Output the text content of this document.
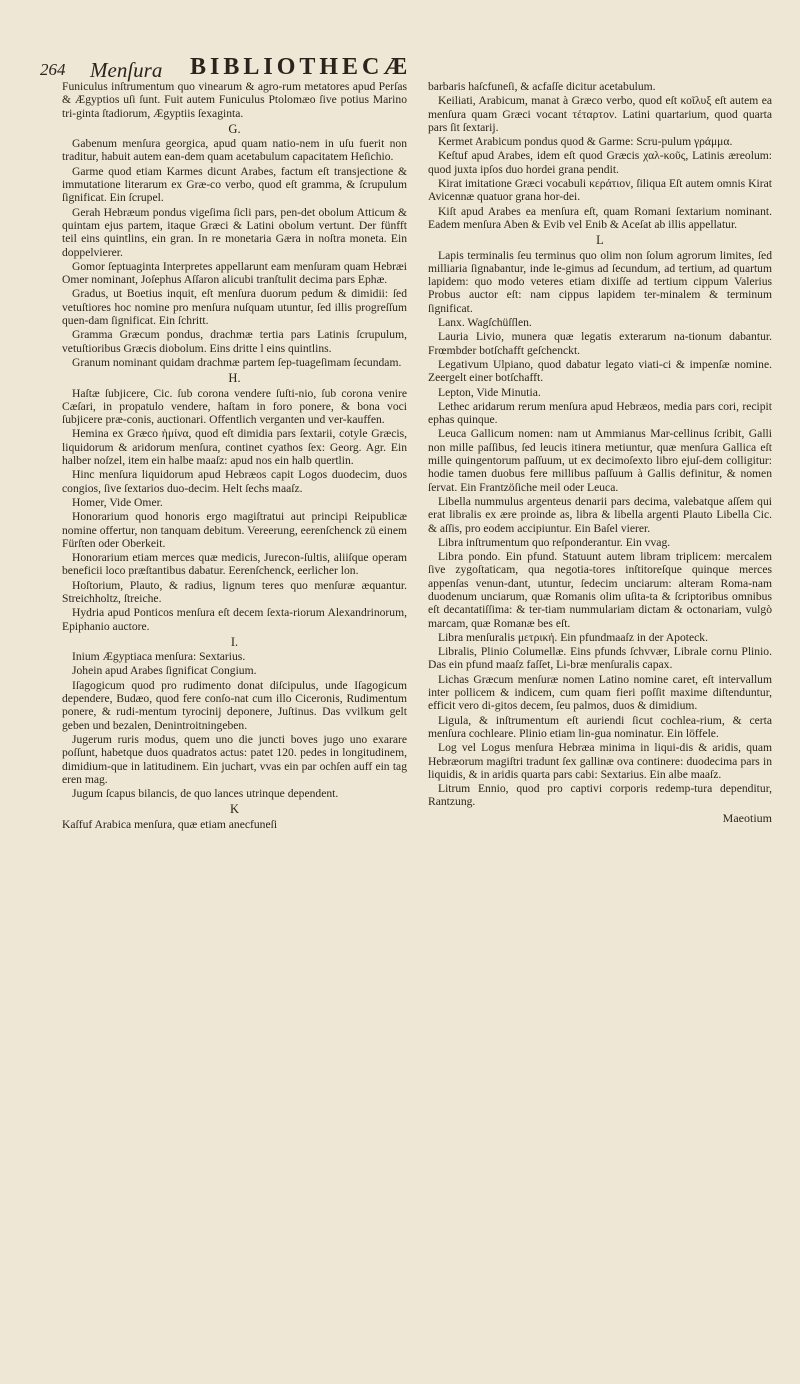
264 Menſura BIBLIOTHECÆ

Funiculus inſtrumentum quo vinearum & agro-rum metatores apud Perſas & Ægyptios uſi ſunt. Fuit autem Funiculus Ptolomæo ſive potius Marino tri-ginta ſtadiorum, Ægyptiis ſexaginta.

G.

Gabenum menſura georgica, apud quam natio-nem in uſu fuerit non traditur, habuit autem ean-dem quam acetabulum capacitatem Heſichio.

Garme quod etiam Karmes dicunt Arabes, factum eſt transjectione & immutatione literarum ex Græ-co verbo, quod eſt gramma, & ſcrupulum ſignificat. Ein ſcrupel.

Gerah Hebræum pondus vigeſima ſicli pars, pen-det obolum Atticum & quintam ejus partem, itaque Græci & Latini obolum vertunt. Der fünfft teil eins quintlins, ein gran. In re monetaria Gæra in noſtra moneta. Ein doppelvierer.

Gomor ſeptuaginta Interpretes appellarunt eam menſuram quam Hebræi Omer nominant, Joſephus Aſſaron alicubi tranſtulit decima pars Ephæ.

Gradus, ut Boetius inquit, eſt menſura duorum pedum & dimidii: ſed vetuſtiores hoc nomine pro menſura nuſquam utuntur, ſed illis progreſſum quen-dam ſignificat. Ein ſchritt.

Gramma Græcum pondus, drachmæ tertia pars Latinis ſcrupulum, vetuſtioribus Græcis diobolum. Eins dritte l eins quintlins.

Granum nominant quidam drachmæ partem ſep-tuageſimam ſecundam.

H.

Haſtæ ſubjicere, Cic. ſub corona vendere ſuſti-nio, ſub corona venire Cæſari, in propatulo vendere, haſtam in foro ponere, & bona voci ſubjicere præ-conis, auctionari. Offentlich verganten und ver-kauffen.

Hemina ex Græco ἡμίνα, quod eſt dimidia pars ſextarii, cotyle Græcis, liquidorum & aridorum menſura, continet cyathos ſex: Georg. Agr. Ein halber noſzel, item ein halbe maaſz: apud nos ein halb quertlin.

Hinc menſura liquidorum apud Hebræos capit Logos duodecim, duos congios, ſive ſextarios duo-decim. Helt ſechs maaſz.

Homer, Vide Omer.

Honorarium quod honoris ergo magiſtratui aut principi Reipublicæ nomine offertur, non tanquam debitum. Vereerung, eerenſchenck zü einem Fürſten oder Oberkeit.

Honorarium etiam merces quæ medicis, Jurecon-ſultis, aliiſque operam beneficii loco præſtantibus dabatur. Eerenſchenck, eerlicher lon.

Hoſtorium, Plauto, & radius, lignum teres quo menſuræ æquantur. Streichholtz, ſtreiche.

Hydria apud Ponticos menſura eſt decem ſexta-riorum Alexandrinorum, Epiphanio auctore.

I.

Inium Ægyptiaca menſura: Sextarius.

Johein apud Arabes ſignificat Congium.

Iſagogicum quod pro rudimento donat diſcipulus, unde Iſagogicum dependere, Budæo, quod fere conſo-nat cum illo Ciceronis, Rudimentum ponere, & rudi-mentum tyrocinij deponere, Juſtinus. Das vvilkum gelt geben und bezalen, Denintroitningeben.

Jugerum ruris modus, quem uno die juncti boves jugo uno exarare poſſunt, habetque duos quadratos actus: patet 120. pedes in longitudinem, dimidium-que in latitudinem. Ein juchart, vvas ein par ochſen auff ein tag eren mag.

Jugum ſcapus bilancis, de quo lances utrinque dependent.

K

Kaſfuf Arabica menſura, quæ etiam anecfuneſi

barbaris haſcfuneſi, & acfaſſe dicitur acetabulum.

Keiliati, Arabicum, manat à Græco verbo, quod eſt κοῖλυξ eſt autem ea menſura quam Græci vocant τέταρτον. Latini quartarium, quod quarta pars ſit ſextarij.

Kermet Arabicum pondus quod & Garme: Scru-pulum γράμμα.

Keſtuf apud Arabes, idem eſt quod Græcis χαλ-κοῦς, Latinis æreolum: quod juxta ipſos duo hordei grana pendit.

Kirat imitatione Græci vocabuli κεράτιον, ſiliqua Eſt autem omnis Kirat Avicennæ quatuor grana hor-dei.

Kiſt apud Arabes ea menſura eſt, quam Romani ſextarium nominant. Eadem menſura Aben & Evib vel Enib & Aceſat ab illis appellatur.

L

Lapis terminalis ſeu terminus quo olim non ſolum agrorum limites, ſed milliaria ſignabantur, inde le-gimus ad ſecundum, ad tertium, ad quartum lapidem: quo modo veteres etiam dixiſſe ad tertium cippum Valerius Probus auctor eſt: nam cippus lapidem ter-minalem & terminum ſignificat.

Lanx. Wagſchüſſlen.

Lauria Livio, munera quæ legatis exterarum na-tionum dabantur. Frœmbder botſchafft geſchenckt.

Legativum Ulpiano, quod dabatur legato viati-ci & impenſæ nomine. Zeergelt einer botſchafft.

Lepton, Vide Minutia.

Lethec aridarum rerum menſura apud Hebræos, media pars cori, recipit ephas quinque.

Leuca Gallicum nomen: nam ut Ammianus Mar-cellinus ſcribit, Galli non mille paſſibus, ſed leucis itinera metiuntur, quæ menſura Gallica eſt mille quingentorum paſſuum, ut ex decimoſexto libro ejuſ-dem colligitur: hodie tamen duobus fere millibus paſſuum à Gallis definitur, & nomen ſervat. Ein Frantzöſiche meil oder Leuca.

Libella nummulus argenteus denarii pars decima, valebatque aſſem qui erat libralis ex ære proinde as, libra & libella argenti Plauto Libella Cic. & aſſis, pro eodem accipiuntur. Ein Baſel vierer.

Libra inſtrumentum quo reſponderantur. Ein vvag.

Libra pondo. Ein pfund. Statuunt autem libram triplicem: mercalem ſive zygoſtaticam, qua negotia-tores inſtitoreſque quinque merces appenſas venun-dant, utuntur, ſedecim unciarum: alteram Roma-nam duodenum unciarum, quæ Romanis olim uſita-ta & ſcriptoribus omnibus eſt decantatiſſima: & ter-tiam nummulariam dictam & octonariam, vulgò marcam, quæ Romanæ bes eſt.

Libra menſuralis μετρική. Ein pfundmaaſz in der Apoteck.

Libralis, Plinio Columellæ. Eins pfunds ſchvvær, Librale cornu Plinio. Das ein pfund maaſz faſſet, Li-bræ menſuralis capax.

Lichas Græcum menſuræ nomen Latino nomine caret, eſt intervallum inter pollicem & indicem, cum quam fieri poſſit maxime diſtenduntur, efficit vero di-gitos decem, ſeu palmos, duos & dimidium.

Ligula, & inſtrumentum eſt auriendi ſicut cochlea-rium, & certa menſura cochleare. Plinio etiam lin-gua nominatur. Ein löffele.

Log vel Logus menſura Hebræa minima in liqui-dis & aridis, quam Hebræorum magiſtri tradunt ſex gallinæ ova continere: duodecima pars in liquidis, & in aridis quarta pars cabi: Sextarius. Ein albe maaſz.

Litrum Ennio, quod pro captivi corporis redemp-tura dependitur, Rantzung.

Maeotium
